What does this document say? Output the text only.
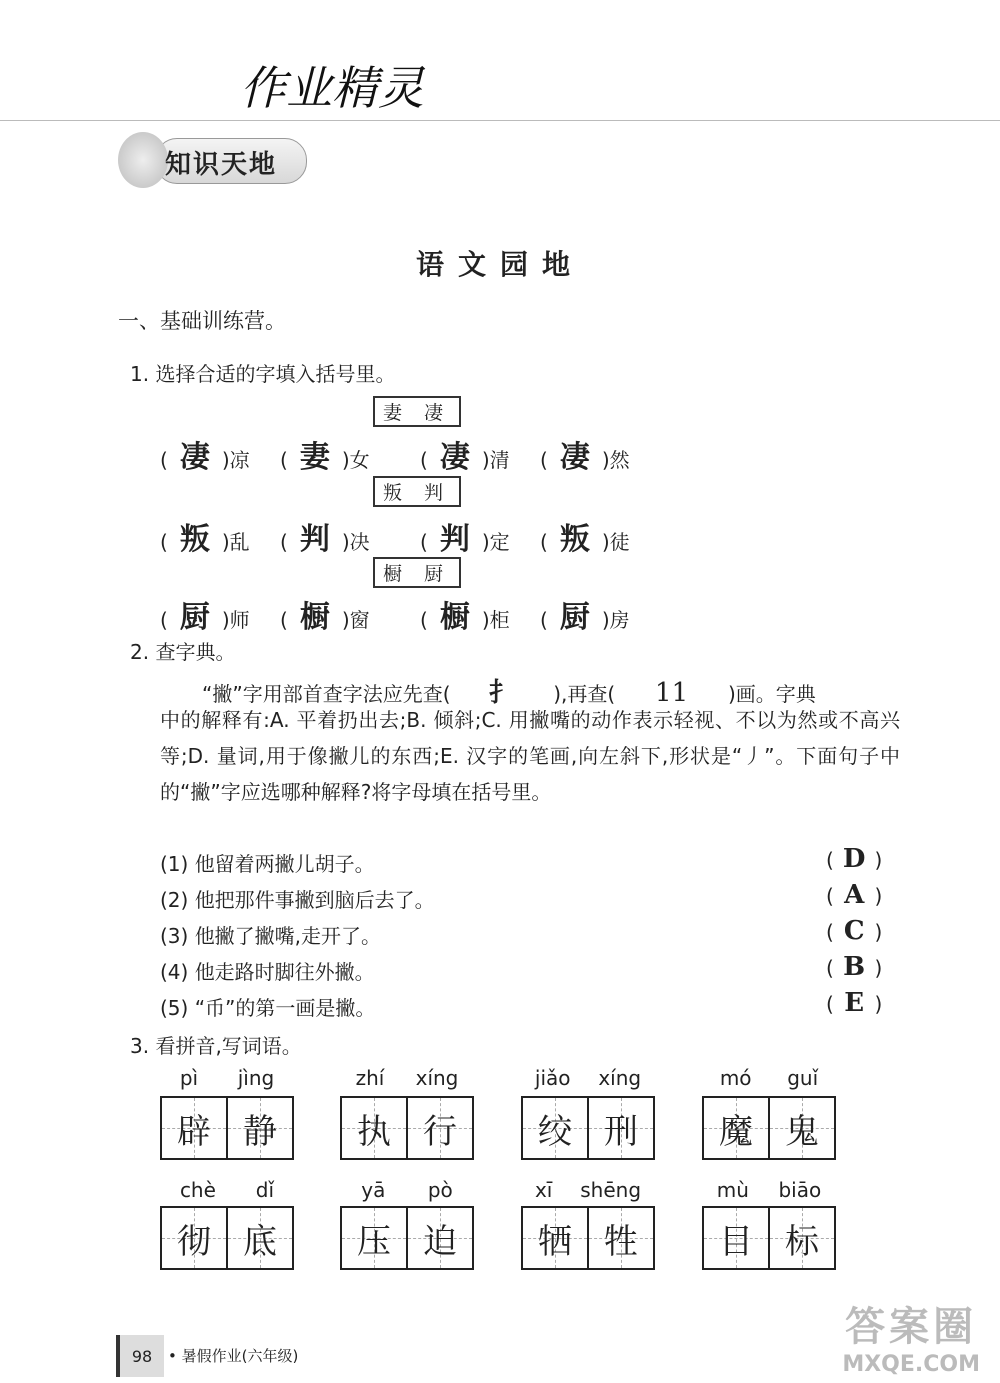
作业精灵
知识天地
语文园地
一、基础训练营。
1. 选择合适的字填入括号里。
妻 凄
( 凄 )凉 ( 妻 )女	( 凄 )清 ( 凄 )然
叛 判
( 叛 )乱 ( 判 )决	( 判 )定 ( 叛 )徒
橱 厨
( 厨 )师 ( 橱 )窗	( 橱 )柜 ( 厨 )房
2. 查字典。
“撇”字用部首查字法应先查( 扌 ),再查( 11 )画。字典
中的解释有:A. 平着扔出去;B. 倾斜;C. 用撇嘴的动作表示轻视、不以为然或不高兴等;D. 量词,用于像撇儿的东西;E. 汉字的笔画,向左斜下,形状是“丿”。下面句子中的“撇”字应选哪种解释?将字母填在括号里。
(1) 他留着两撇儿胡子。	( D )
(2) 他把那件事撇到脑后去了。	( A )
(3) 他撇了撇嘴,走开了。	( C )
(4) 他走路时脚往外撇。	( B )
(5) “币”的第一画是撇。	( E )
3. 看拼音,写词语。
pì jìng
辟 静
zhí xíng
执 行
jiǎo xíng
绞 刑
mó guǐ
魔 鬼
chè dǐ
彻 底
yā pò
压 迫
xī shēng
牺 牲
mù biāo
目 标
98	• 暑假作业(六年级)
答案圈
MXQE.COM
